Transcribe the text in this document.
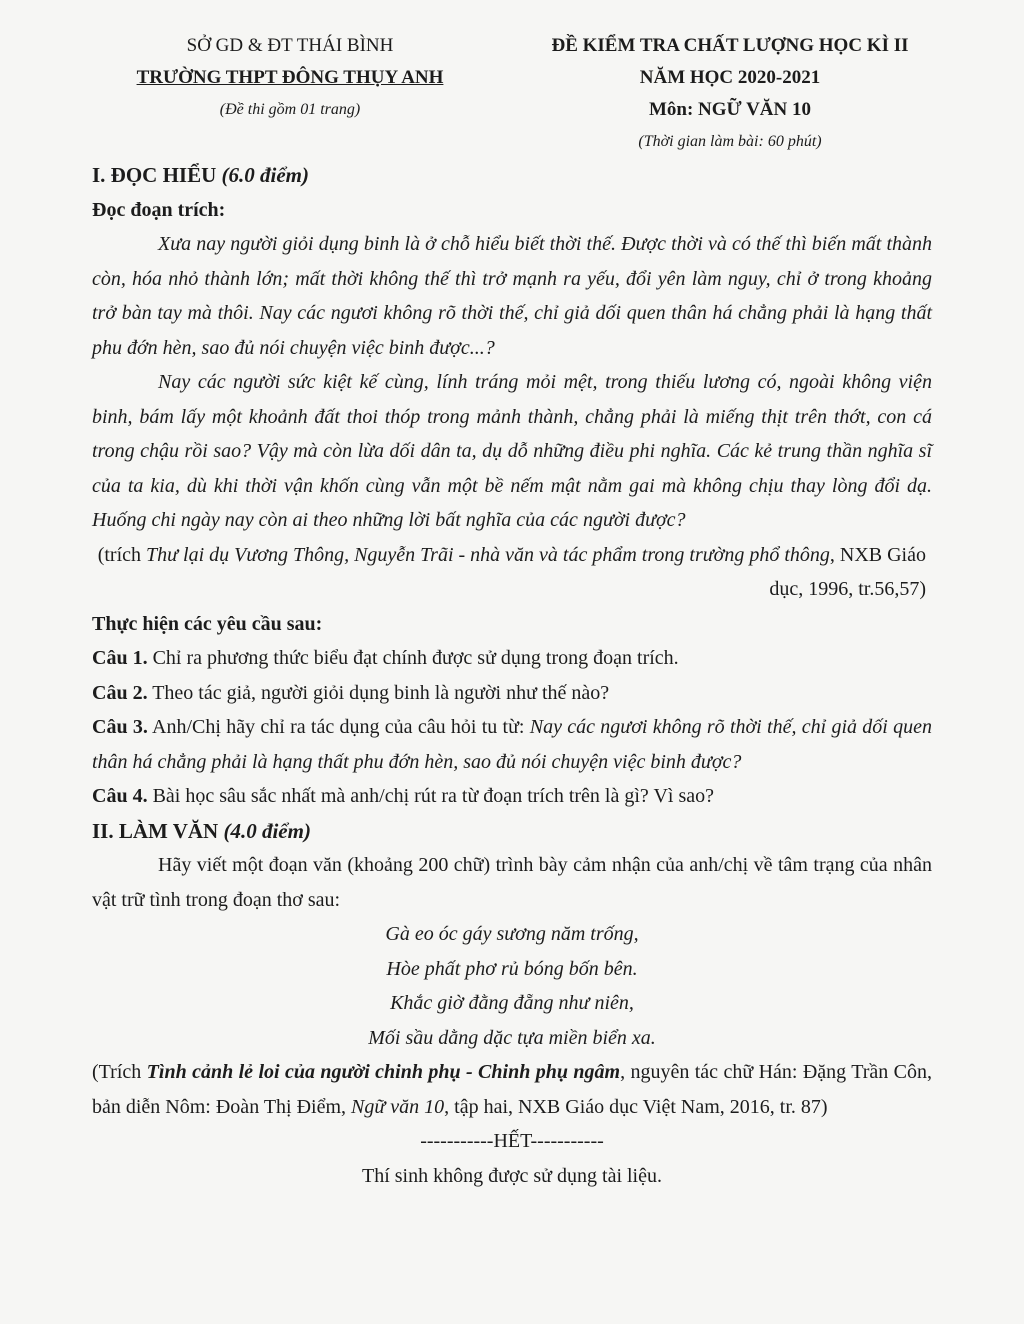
SỞ GD & ĐT THÁI BÌNH
TRƯỜNG THPT ĐÔNG THỤY ANH
(Đề thi gồm 01 trang)
ĐỀ KIỂM TRA CHẤT LƯỢNG HỌC KÌ II
NĂM HỌC 2020-2021
Môn: NGỮ VĂN 10
(Thời gian làm bài: 60 phút)

I. ĐỌC HIỂU (6.0 điểm)

Đọc đoạn trích:

Xưa nay người giỏi dụng binh là ở chỗ hiểu biết thời thế. Được thời và có thế thì biến mất thành còn, hóa nhỏ thành lớn; mất thời không thế thì trở mạnh ra yếu, đổi yên làm nguy, chỉ ở trong khoảng trở bàn tay mà thôi. Nay các ngươi không rõ thời thế, chỉ giả dối quen thân há chẳng phải là hạng thất phu đớn hèn, sao đủ nói chuyện việc binh được...?

Nay các người sức kiệt kế cùng, lính tráng mỏi mệt, trong thiếu lương có, ngoài không viện binh, bám lấy một khoảnh đất thoi thóp trong mảnh thành, chẳng phải là miếng thịt trên thớt, con cá trong chậu rồi sao? Vậy mà còn lừa dối dân ta, dụ dỗ những điều phi nghĩa. Các kẻ trung thần nghĩa sĩ của ta kia, dù khi thời vận khốn cùng vẫn một bề nếm mật nằm gai mà không chịu thay lòng đổi dạ. Huống chi ngày nay còn ai theo những lời bất nghĩa của các người được?

(trích Thư lại dụ Vương Thông, Nguyễn Trãi - nhà văn và tác phẩm trong trường phổ thông, NXB Giáo dục, 1996, tr.56,57)

Thực hiện các yêu cầu sau:

Câu 1. Chỉ ra phương thức biểu đạt chính được sử dụng trong đoạn trích.

Câu 2. Theo tác giả, người giỏi dụng binh là người như thế nào?

Câu 3. Anh/Chị hãy chỉ ra tác dụng của câu hỏi tu từ: Nay các ngươi không rõ thời thế, chỉ giả dối quen thân há chẳng phải là hạng thất phu đớn hèn, sao đủ nói chuyện việc binh được?

Câu 4. Bài học sâu sắc nhất mà anh/chị rút ra từ đoạn trích trên là gì? Vì sao?

II. LÀM VĂN (4.0 điểm)

Hãy viết một đoạn văn (khoảng 200 chữ) trình bày cảm nhận của anh/chị về tâm trạng của nhân vật trữ tình trong đoạn thơ sau:

Gà eo óc gáy sương năm trống,

Hòe phất phơ rủ bóng bốn bên.

Khắc giờ đằng đẵng như niên,

Mối sầu dằng dặc tựa miền biển xa.

(Trích Tình cảnh lẻ loi của người chinh phụ - Chinh phụ ngâm, nguyên tác chữ Hán: Đặng Trần Côn, bản diễn Nôm: Đoàn Thị Điểm, Ngữ văn 10, tập hai, NXB Giáo dục Việt Nam, 2016, tr. 87)

-----------HẾT-----------

Thí sinh không được sử dụng tài liệu.
